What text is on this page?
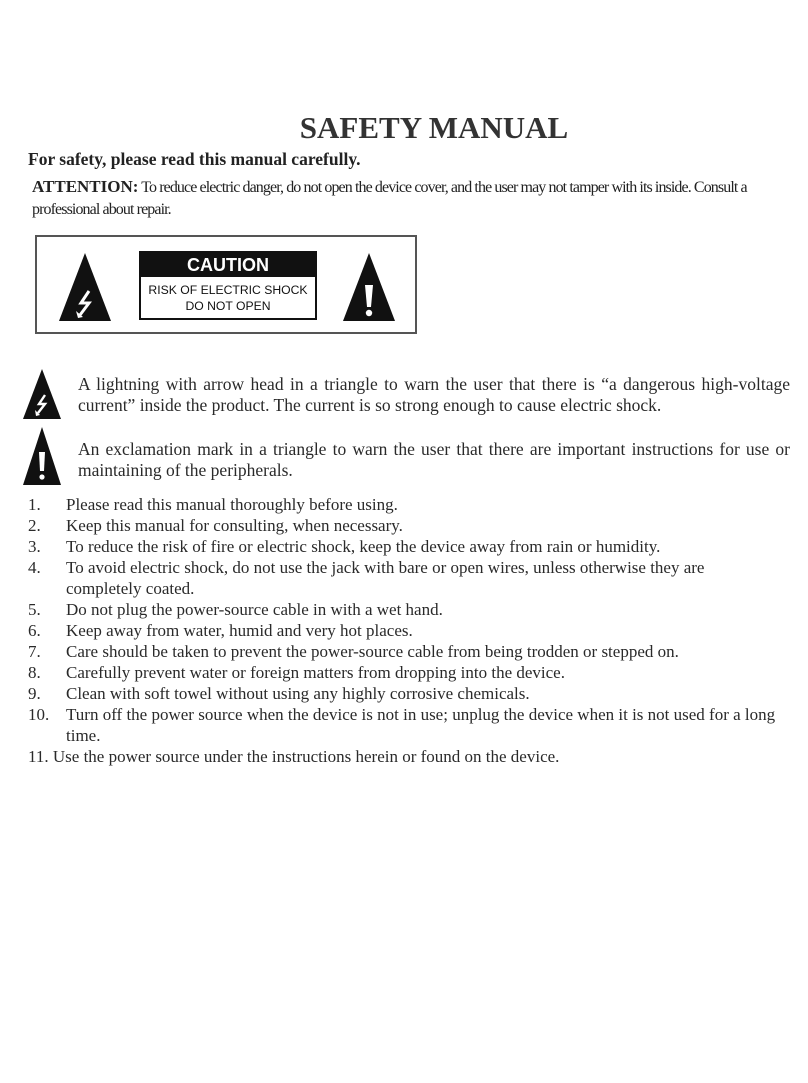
SAFETY MANUAL
For safety, please read this manual carefully.
ATTENTION: To reduce electric danger, do not open the device cover, and the user may not tamper with its inside. Consult a professional about repair.
CAUTION
RISK OF ELECTRIC SHOCK
DO NOT OPEN
A lightning with arrow head in a triangle to warn the user that there is “a dangerous high-voltage current” inside the product. The current is so strong enough to cause electric shock.
An exclamation mark in a triangle to warn the user that there are important instructions for use or maintaining of the peripherals.
1.	Please read this manual thoroughly before using.
2.	Keep this manual for consulting, when necessary.
3.	To reduce the risk of fire or electric shock, keep the device away from rain or humidity.
4.	To avoid electric shock, do not use the jack with bare or open wires, unless otherwise they are completely coated.
5.	Do not plug the power-source cable in with a wet hand.
6.	Keep away from water, humid and very hot places.
7.	Care should be taken to prevent the power-source cable from being trodden or stepped on.
8.	Carefully prevent water or foreign matters from dropping into the device.
9.	Clean with soft towel without using any highly corrosive chemicals.
10. Turn off the power source when the device is not in use; unplug the device when it is not used for a long time.
11. Use the power source under the instructions herein or found on the device.
